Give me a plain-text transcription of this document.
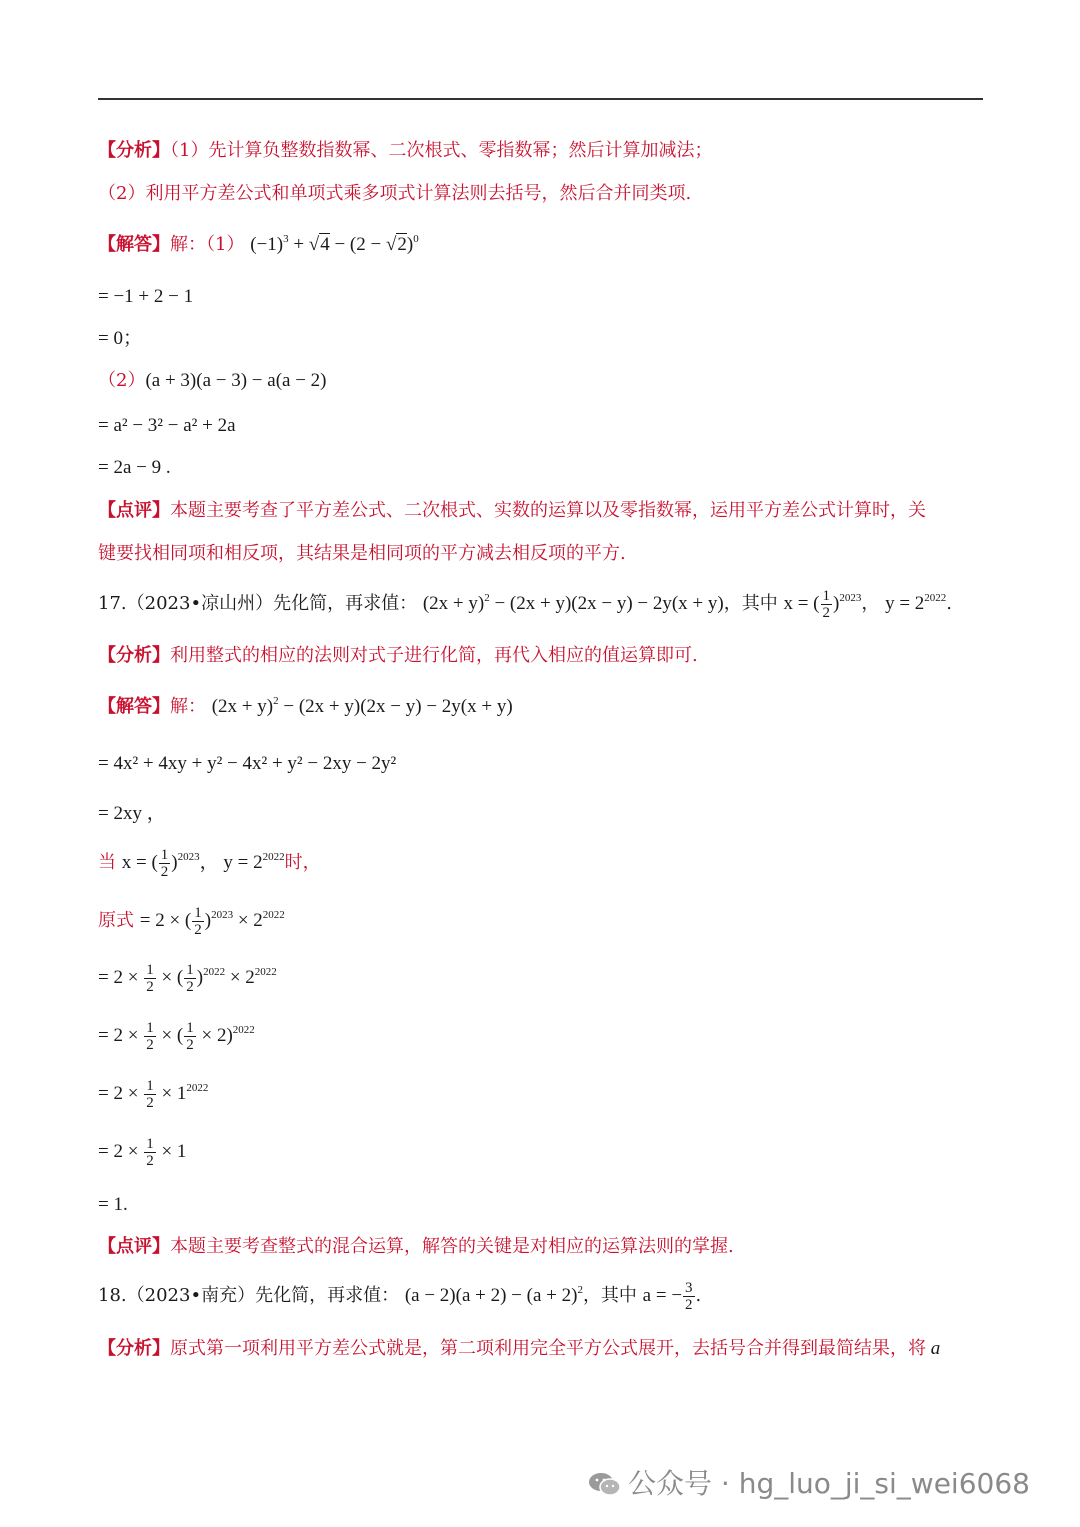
【分析】（1）先计算负整数指数幂、二次根式、零指数幂；然后计算加减法；
（2）利用平方差公式和单项式乘多项式计算法则去括号，然后合并同类项.
【解答】解：（1） $(-1)^3 + √4 - (2 - √2)^0$
= −1 + 2 − 1
= 0；
（2）(a + 3)(a − 3) − a(a − 2)
= a² − 3² − a² + 2a
= 2a − 9 .
【点评】本题主要考查了平方差公式、二次根式、实数的运算以及零指数幂，运用平方差公式计算时，关
键要找相同项和相反项，其结果是相同项的平方减去相反项的平方.
17.（2023•凉山州）先化简，再求值： $(2x + y)^2 - (2x + y)(2x - y) - 2y(x + y)$，其中 x = ( $\frac{1}{2} )^{2023}$， $y = 2^{2022}$.
【分析】利用整式的相应的法则对式子进行化简，再代入相应的值运算即可.
【解答】解： $(2x + y)^2 - (2x + y)(2x - y) - 2y(x + y)$
= 4x² + 4xy + y² − 4x² + y² − 2xy − 2y²
= 2xy ，
当 x = ( $\frac{1}{2} )^{2023}$， $y = 2^{2022}$时，
原式 = 2 × ( $\frac{1}{2} )^{2023} \times 2^{2022}$
= $2 \times \frac{1}{2}$ × ( $\frac{1}{2} )^{2022} \times 2^{2022}$
= $2 \times \frac{1}{2}$ × ( $\frac{1}{2} \times 2)^{2022}$
= $2 \times \frac{1}{2} \times 1^{2022}$
= $2 \times \frac{1}{2} \times 1$
= 1.
【点评】本题主要考查整式的混合运算，解答的关键是对相应的运算法则的掌握.
18.（2023•南充）先化简，再求值： $(a - 2)(a + 2) - (a + 2)^2$，其中 a = − $\frac{3}{2}$ .
【分析】原式第一项利用平方差公式就是，第二项利用完全平方公式展开，去括号合并得到最简结果，将 a
公众号 · hg_luo_ji_si_wei6068
